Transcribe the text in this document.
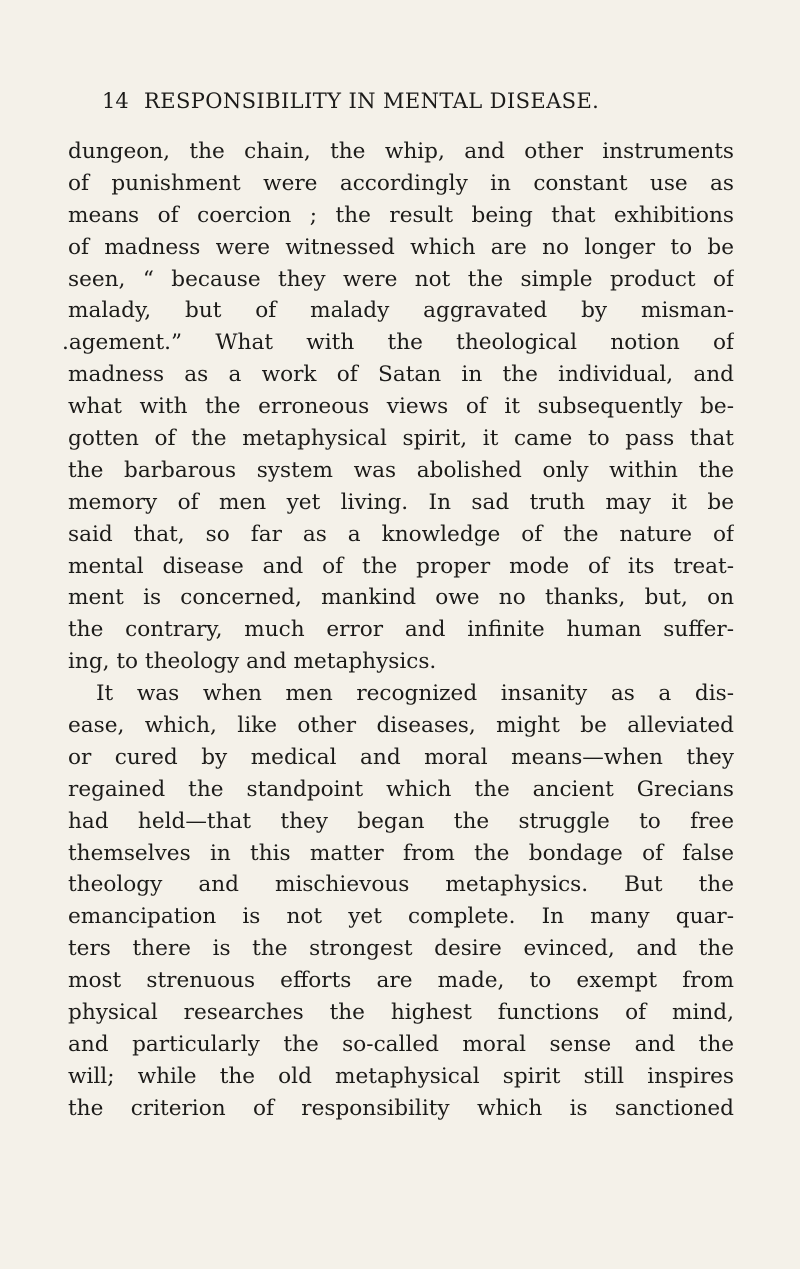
14 RESPONSIBILITY IN MENTAL DISEASE.
dungeon, the chain, the whip, and other instruments
of punishment were accordingly in constant use as
means of coercion ; the result being that exhibitions
of madness were witnessed which are no longer to be
seen, “ because they were not the simple product of
malady, but of malady aggravated by misman-
.agement.” What with the theological notion of
madness as a work of Satan in the individual, and
what with the erroneous views of it subsequently be-
gotten of the metaphysical spirit, it came to pass that
the barbarous system was abolished only within the
memory of men yet living. In sad truth may it be
said that, so far as a knowledge of the nature of
mental disease and of the proper mode of its treat-
ment is concerned, mankind owe no thanks, but, on
the contrary, much error and infinite human suffer-
ing, to theology and metaphysics.
It was when men recognized insanity as a dis-
ease, which, like other diseases, might be alleviated
or cured by medical and moral means—when they
regained the standpoint which the ancient Grecians
had held—that they began the struggle to free
themselves in this matter from the bondage of false
theology and mischievous metaphysics. But the
emancipation is not yet complete. In many quar-
ters there is the strongest desire evinced, and the
most strenuous efforts are made, to exempt from
physical researches the highest functions of mind,
and particularly the so-called moral sense and the
will; while the old metaphysical spirit still inspires
the criterion of responsibility which is sanctioned
